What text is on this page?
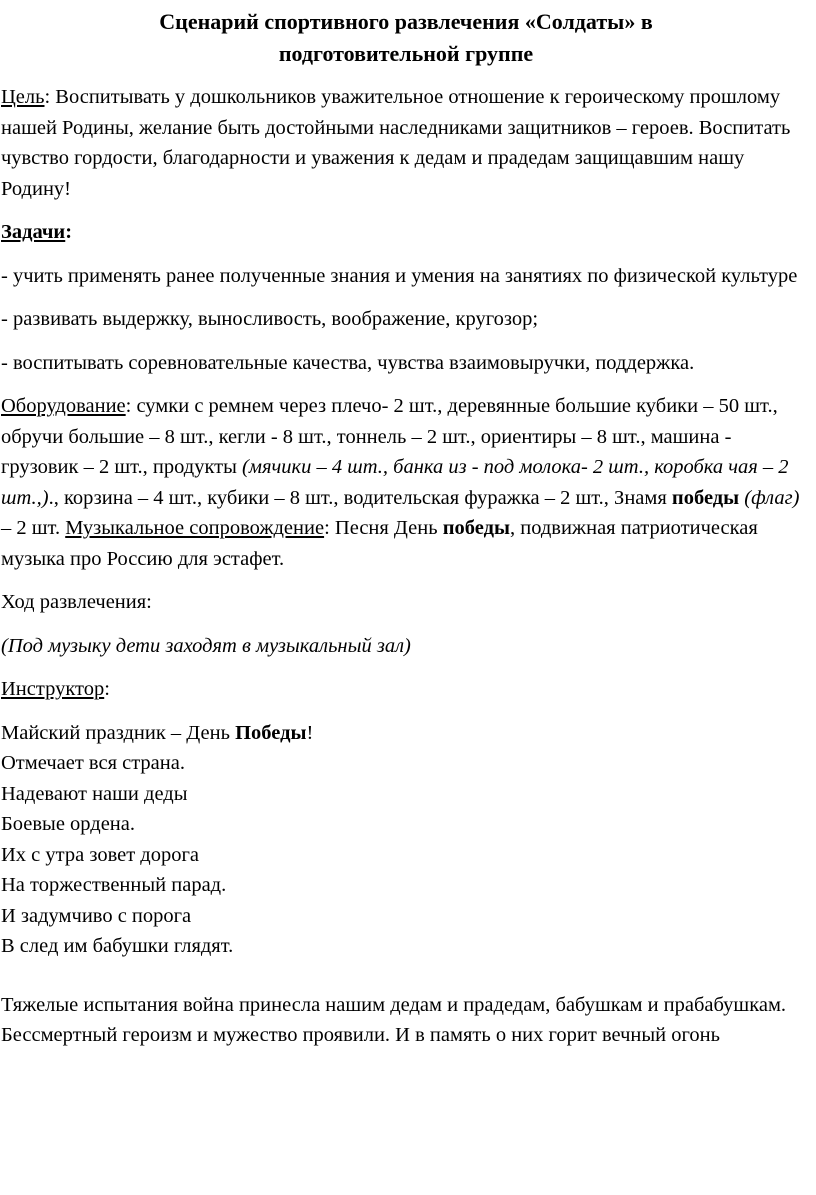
Сценарий спортивного развлечения «Солдаты» в
подготовительной группе

Цель: Воспитывать у дошкольников уважительное отношение к героическому прошлому нашей Родины, желание быть достойными наследниками защитников – героев. Воспитать чувство гордости, благодарности и уважения к дедам и прадедам защищавшим нашу Родину!

Задачи:

- учить применять ранее полученные знания и умения на занятиях по физической культуре

- развивать выдержку, выносливость, воображение, кругозор;

- воспитывать соревновательные качества, чувства взаимовыручки, поддержка.

Оборудование: сумки с ремнем через плечо- 2 шт., деревянные большие кубики – 50 шт., обручи большие – 8 шт., кегли - 8 шт., тоннель – 2 шт., ориентиры – 8 шт., машина - грузовик – 2 шт., продукты (мячики – 4 шт., банка из - под молока- 2 шт., коробка чая – 2 шт.,)., корзина – 4 шт., кубики – 8 шт., водительская фуражка – 2 шт., Знамя победы (флаг) – 2 шт. Музыкальное сопровождение: Песня День победы, подвижная патриотическая музыка про Россию для эстафет.

Ход развлечения:

(Под музыку дети заходят в музыкальный зал)

Инструктор:

Майский праздник – День Победы!
Отмечает вся страна.
Надевают наши деды
Боевые ордена.
Их с утра зовет дорога
На торжественный парад.
И задумчиво с порога
В след им бабушки глядят.

Тяжелые испытания война принесла нашим дедам и прадедам, бабушкам и прабабушкам. Бессмертный героизм и мужество проявили. И в память о них горит вечный огонь
